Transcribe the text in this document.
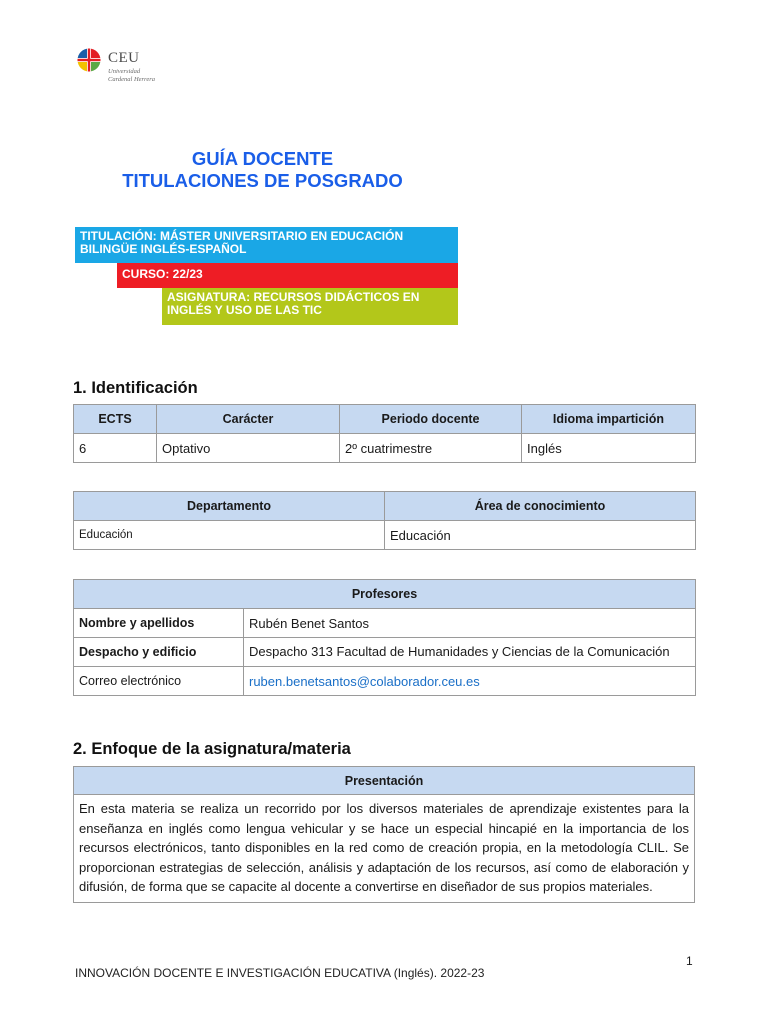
CEU
Universidad
Cardenal Herrera
GUÍA DOCENTE
TITULACIONES DE POSGRADO
TITULACIÓN: MÁSTER UNIVERSITARIO EN EDUCACIÓN BILINGÜE INGLÉS-ESPAÑOL
CURSO: 22/23
ASIGNATURA: RECURSOS DIDÁCTICOS EN INGLÉS Y USO DE LAS TIC
1. Identificación
ECTS	Carácter	Periodo docente	Idioma impartición
6	Optativo	2º cuatrimestre	Inglés
Departamento	Área de conocimiento
Educación	Educación
Profesores	
Nombre y apellidos	Rubén Benet Santos
Despacho y edificio	Despacho 313 Facultad de Humanidades y Ciencias de la Comunicación
Correo electrónico	ruben.benetsantos@colaborador.ceu.es
2. Enfoque de la asignatura/materia
Presentación
En esta materia se realiza un recorrido por los diversos materiales de aprendizaje existentes para la enseñanza en inglés como lengua vehicular y se hace un especial hincapié en la importancia de los recursos electrónicos, tanto disponibles en la red como de creación propia, en la metodología CLIL. Se proporcionan estrategias de selección, análisis y adaptación de los recursos, así como de elaboración y difusión, de forma que se capacite al docente a convertirse en diseñador de sus propios materiales.
1
INNOVACIÓN DOCENTE E INVESTIGACIÓN EDUCATIVA (Inglés). 2022-23
